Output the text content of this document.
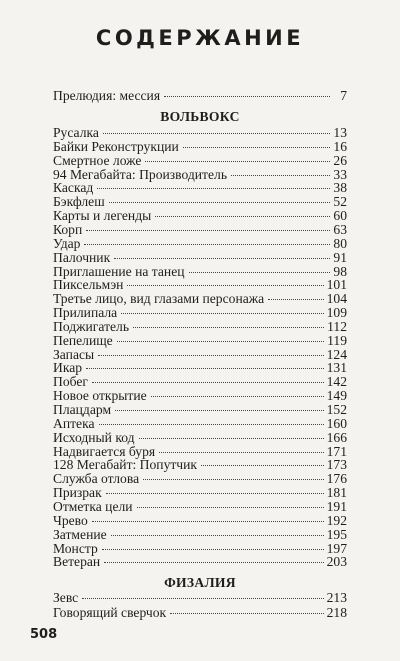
СОДЕРЖАНИЕ
Прелюдия: мессия	7
ВОЛЬВОКС
Русалка	13
Байки Реконструкции	16
Смертное ложе	26
94 Мегабайта: Производитель	33
Каскад	38
Бэкфлеш	52
Карты и легенды	60
Корп	63
Удар	80
Палочник	91
Приглашение на танец	98
Пиксельмэн	101
Третье лицо, вид глазами персонажа	104
Прилипала	109
Поджигатель	112
Пепелище	119
Запасы	124
Икар	131
Побег	142
Новое открытие	149
Плацдарм	152
Аптека	160
Исходный код	166
Надвигается буря	171
128 Мегабайт: Попутчик	173
Служба отлова	176
Призрак	181
Отметка цели	191
Чрево	192
Затмение	195
Монстр	197
Ветеран	203
ФИЗАЛИЯ
Зевс	213
Говорящий сверчок	218
508
